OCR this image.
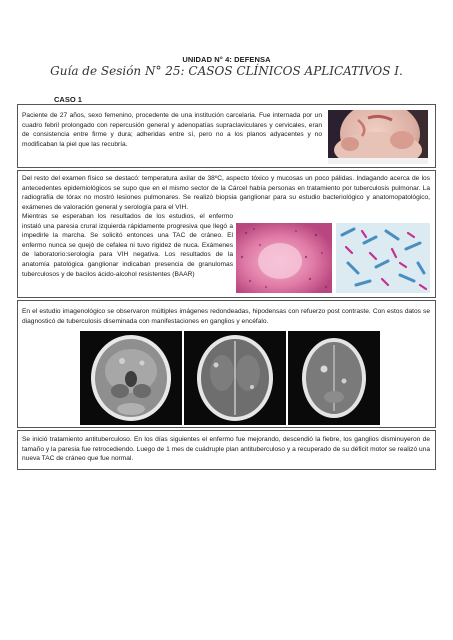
UNIDAD N° 4: DEFENSA
Guía de Sesión N° 25: CASOS CLÍNICOS APLICATIVOS I.
CASO 1

Paciente de 27 años, sexo femenino, procedente de una institución carcelaria. Fue internada por un cuadro febril prolongado con repercusión general y adenopatías supraclaviculares y cervicales, eran de consistencia entre firme y dura; adheridas entre sí, pero no a los planos adyacentes y no modificaban la piel que las recubría.

Del resto del examen físico se destacó: temperatura axilar de 38ºC, aspecto tóxico y mucosas un poco pálidas. Indagando acerca de los antecedentes epidemiológicos se supo que en el mismo sector de la Cárcel había personas en tratamiento por tuberculosis pulmonar. La radiografía de tórax no mostró lesiones pulmonares. Se realizó biopsia ganglionar para su estudio bacteriológico y anatomopatológico, exámenes de valoración general y serología para el VIH.

Mientras se esperaban los resultados de los estudios, el enfermo instaló una paresia crural izquierda rápidamente progresiva que llegó a impedirle la marcha. Se solicitó entonces una TAC de cráneo. El enfermo nunca se quejó de cefalea ni tuvo rigidez de nuca. Exámenes de laboratorio:serología para VIH negativa. Los resultados de la anatomía patológica ganglionar indicaban presencia de granulomas tuberculosos y de bacilos ácido-alcohol resistentes (BAAR)

En el estudio imagenológico se observaron múltiples imágenes redondeadas, hipodensas con refuerzo post contraste. Con estos datos se diagnosticó de tuberculosis diseminada con manifestaciones en ganglios y encéfalo.

Se inició tratamiento antituberculoso. En los días siguientes el enfermo fue mejorando, descendió la fiebre, los ganglios disminuyeron de tamaño y la paresia fue retrocediendo. Luego de 1 mes de cuádruple plan antituberculoso y a recuperado de su déficit motor se realizó una nueva TAC de cráneo que fue normal.
